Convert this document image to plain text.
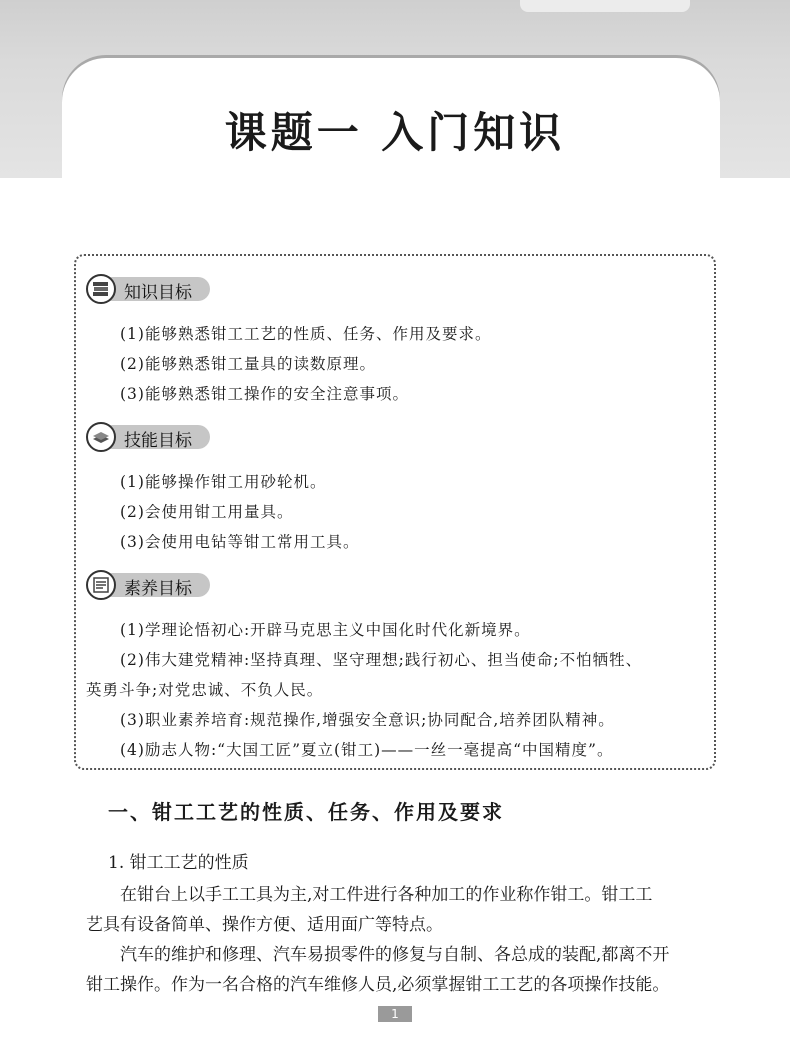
课题一 入门知识
知识目标
(1)能够熟悉钳工工艺的性质、任务、作用及要求。
(2)能够熟悉钳工量具的读数原理。
(3)能够熟悉钳工操作的安全注意事项。
技能目标
(1)能够操作钳工用砂轮机。
(2)会使用钳工用量具。
(3)会使用电钻等钳工常用工具。
素养目标
(1)学理论悟初心:开辟马克思主义中国化时代化新境界。
(2)伟大建党精神:坚持真理、坚守理想;践行初心、担当使命;不怕牺牲、
英勇斗争;对党忠诚、不负人民。
(3)职业素养培育:规范操作,增强安全意识;协同配合,培养团队精神。
(4)励志人物:“大国工匠”夏立(钳工)——一丝一毫提高“中国精度”。
一、钳工工艺的性质、任务、作用及要求
1. 钳工工艺的性质
　　在钳台上以手工工具为主,对工件进行各种加工的作业称作钳工。钳工工
艺具有设备简单、操作方便、适用面广等特点。
　　汽车的维护和修理、汽车易损零件的修复与自制、各总成的装配,都离不开
钳工操作。作为一名合格的汽车维修人员,必须掌握钳工工艺的各项操作技能。
1
